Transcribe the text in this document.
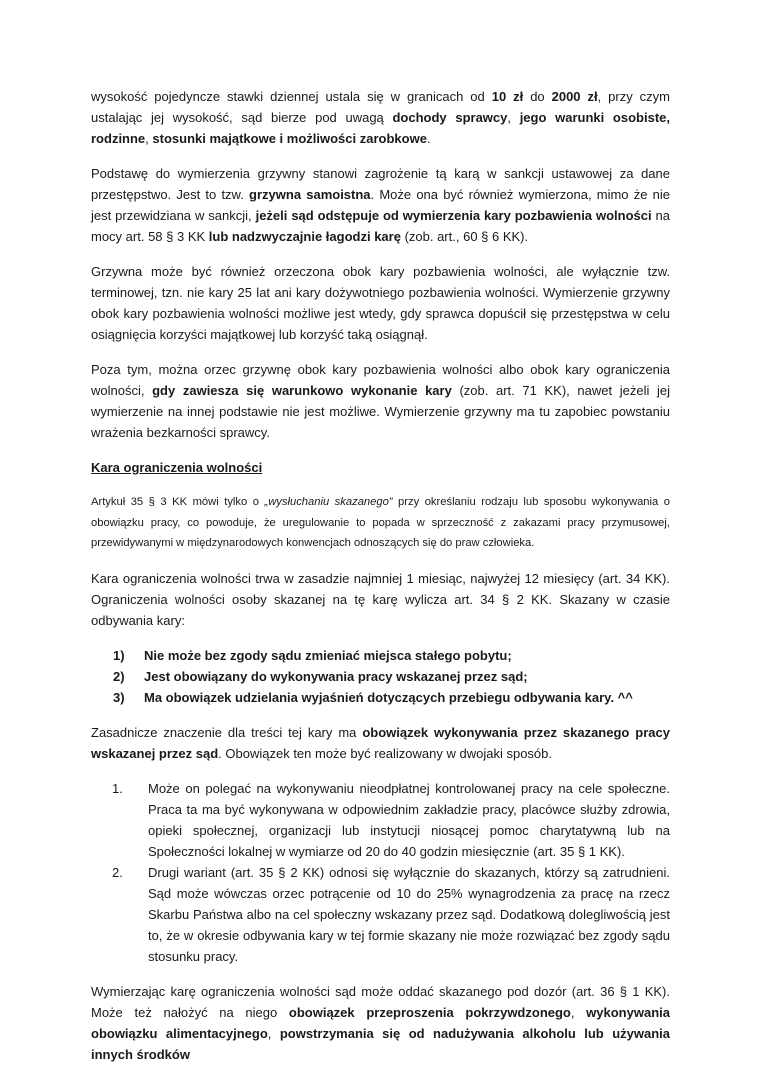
wysokość pojedyncze stawki dziennej ustala się w granicach od 10 zł do 2000 zł, przy czym ustalając jej wysokość, sąd bierze pod uwagą dochody sprawcy, jego warunki osobiste, rodzinne, stosunki majątkowe i możliwości zarobkowe.

Podstawę do wymierzenia grzywny stanowi zagrożenie tą karą w sankcji ustawowej za dane przestępstwo. Jest to tzw. grzywna samoistna. Może ona być również wymierzona, mimo że nie jest przewidziana w sankcji, jeżeli sąd odstępuje od wymierzenia kary pozbawienia wolności na mocy art. 58 § 3 KK lub nadzwyczajnie łagodzi karę (zob. art., 60 § 6 KK).

Grzywna może być również orzeczona obok kary pozbawienia wolności, ale wyłącznie tzw. terminowej, tzn. nie kary 25 lat ani kary dożywotniego pozbawienia wolności. Wymierzenie grzywny obok kary pozbawienia wolności możliwe jest wtedy, gdy sprawca dopuścił się przestępstwa w celu osiągnięcia korzyści majątkowej lub korzyść taką osiągnął.

Poza tym, można orzec grzywnę obok kary pozbawienia wolności albo obok kary ograniczenia wolności, gdy zawiesza się warunkowo wykonanie kary (zob. art. 71 KK), nawet jeżeli jej wymierzenie na innej podstawie nie jest możliwe. Wymierzenie grzywny ma tu zapobiec powstaniu wrażenia bezkarności sprawcy.

Kara ograniczenia wolności

Artykuł 35 § 3 KK mówi tylko o „wysłuchaniu skazanego” przy określaniu rodzaju lub sposobu wykonywania o obowiązku pracy, co powoduje, że uregulowanie to popada w sprzeczność z zakazami pracy przymusowej, przewidywanymi w międzynarodowych konwencjach odnoszących się do praw człowieka.

Kara ograniczenia wolności trwa w zasadzie najmniej 1 miesiąc, najwyżej 12 miesięcy (art. 34 KK). Ograniczenia wolności osoby skazanej na tę karę wylicza art. 34 § 2 KK. Skazany w czasie odbywania kary:

1)	Nie może bez zgody sądu zmieniać miejsca stałego pobytu;
2)	Jest obowiązany do wykonywania pracy wskazanej przez sąd;
3)	Ma obowiązek udzielania wyjaśnień dotyczących przebiegu odbywania kary. ^^

Zasadnicze znaczenie dla treści tej kary ma obowiązek wykonywania przez skazanego pracy wskazanej przez sąd. Obowiązek ten może być realizowany w dwojaki sposób.

1.	Może on polegać na wykonywaniu nieodpłatnej kontrolowanej pracy na cele społeczne. Praca ta ma być wykonywana w odpowiednim zakładzie pracy, placówce służby zdrowia, opieki społecznej, organizacji lub instytucji niosącej pomoc charytatywną lub na Społeczności lokalnej w wymiarze od 20 do 40 godzin miesięcznie (art. 35 § 1 KK).
2.	Drugi wariant (art. 35 § 2 KK) odnosi się wyłącznie do skazanych, którzy są zatrudnieni. Sąd może wówczas orzec potrącenie od 10 do 25% wynagrodzenia za pracę na rzecz Skarbu Państwa albo na cel społeczny wskazany przez sąd. Dodatkową dolegliwością jest to, że w okresie odbywania kary w tej formie skazany nie może rozwiązać bez zgody sądu stosunku pracy.

Wymierzając karę ograniczenia wolności sąd może oddać skazanego pod dozór (art. 36 § 1 KK). Może też nałożyć na niego obowiązek przeproszenia pokrzywdzonego, wykonywania obowiązku alimentacyjnego, powstrzymania się od nadużywania alkoholu lub używania innych środków
